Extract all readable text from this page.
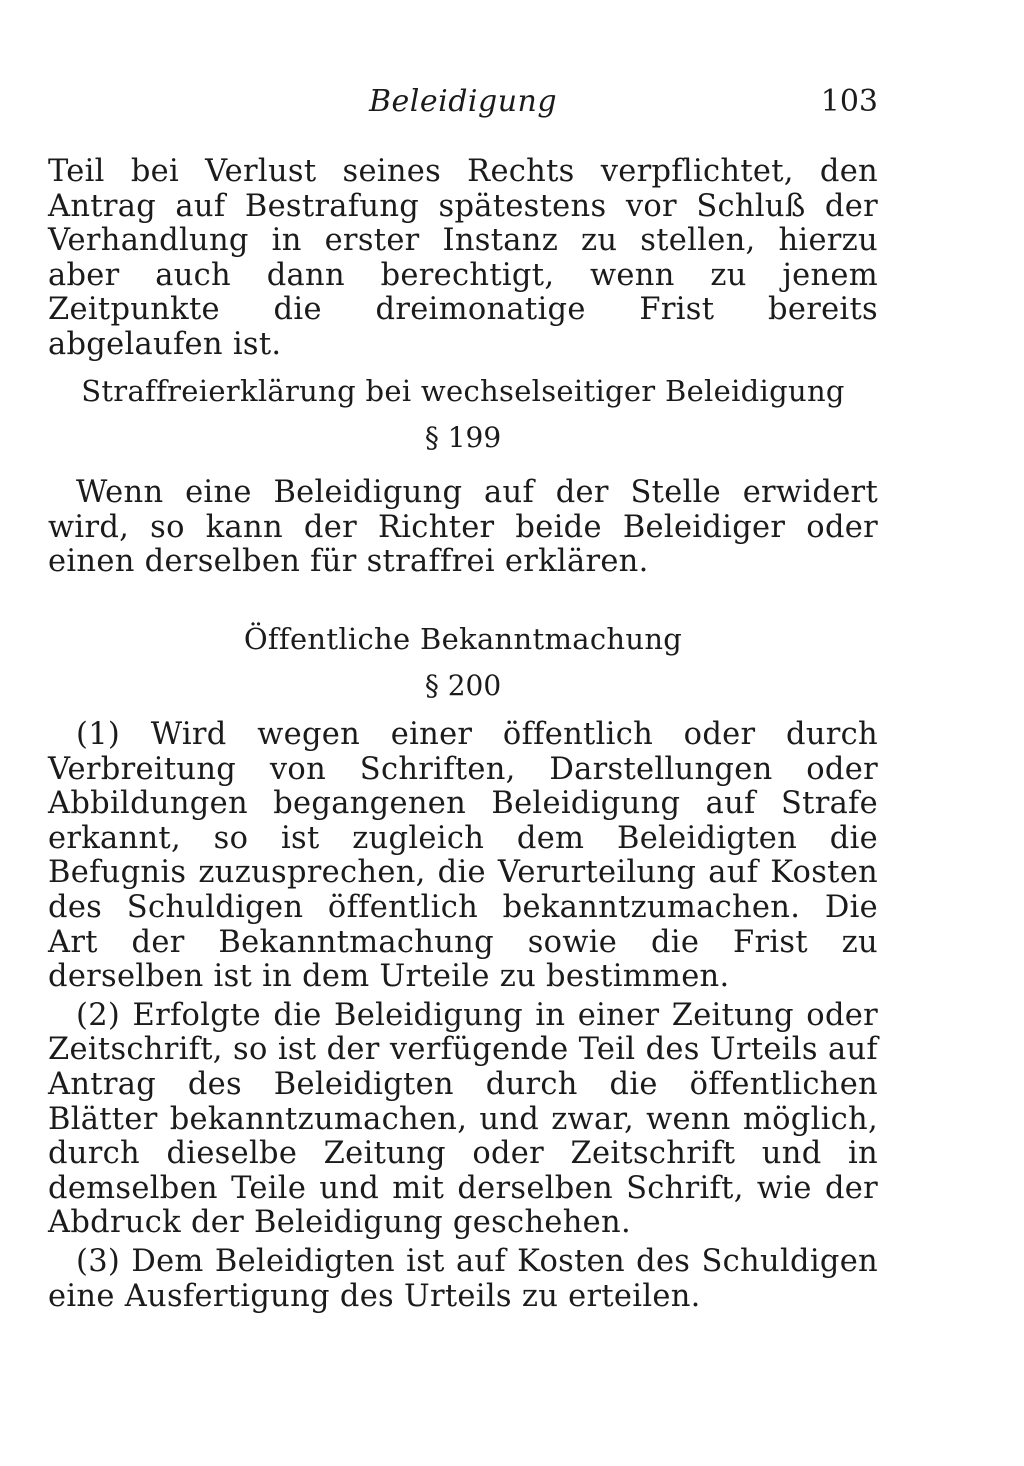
Beleidigung	103

Teil bei Verlust seines Rechts verpflichtet, den Antrag auf Bestrafung spätestens vor Schluß der Verhandlung in erster Instanz zu stellen, hierzu aber auch dann berechtigt, wenn zu jenem Zeitpunkte die dreimonatige Frist bereits abgelaufen ist.

Straffreierklärung bei wechselseitiger Beleidigung
§ 199

Wenn eine Beleidigung auf der Stelle erwidert wird, so kann der Richter beide Beleidiger oder einen derselben für straffrei erklären.

Öffentliche Bekanntmachung
§ 200

(1) Wird wegen einer öffentlich oder durch Verbreitung von Schriften, Darstellungen oder Abbildungen begangenen Beleidigung auf Strafe erkannt, so ist zugleich dem Beleidigten die Befugnis zuzusprechen, die Verurteilung auf Kosten des Schuldigen öffentlich bekanntzumachen. Die Art der Bekanntmachung sowie die Frist zu derselben ist in dem Urteile zu bestimmen.

(2) Erfolgte die Beleidigung in einer Zeitung oder Zeitschrift, so ist der verfügende Teil des Urteils auf Antrag des Beleidigten durch die öffentlichen Blätter bekanntzumachen, und zwar, wenn möglich, durch dieselbe Zeitung oder Zeitschrift und in demselben Teile und mit derselben Schrift, wie der Abdruck der Beleidigung geschehen.

(3) Dem Beleidigten ist auf Kosten des Schuldigen eine Ausfertigung des Urteils zu erteilen.
